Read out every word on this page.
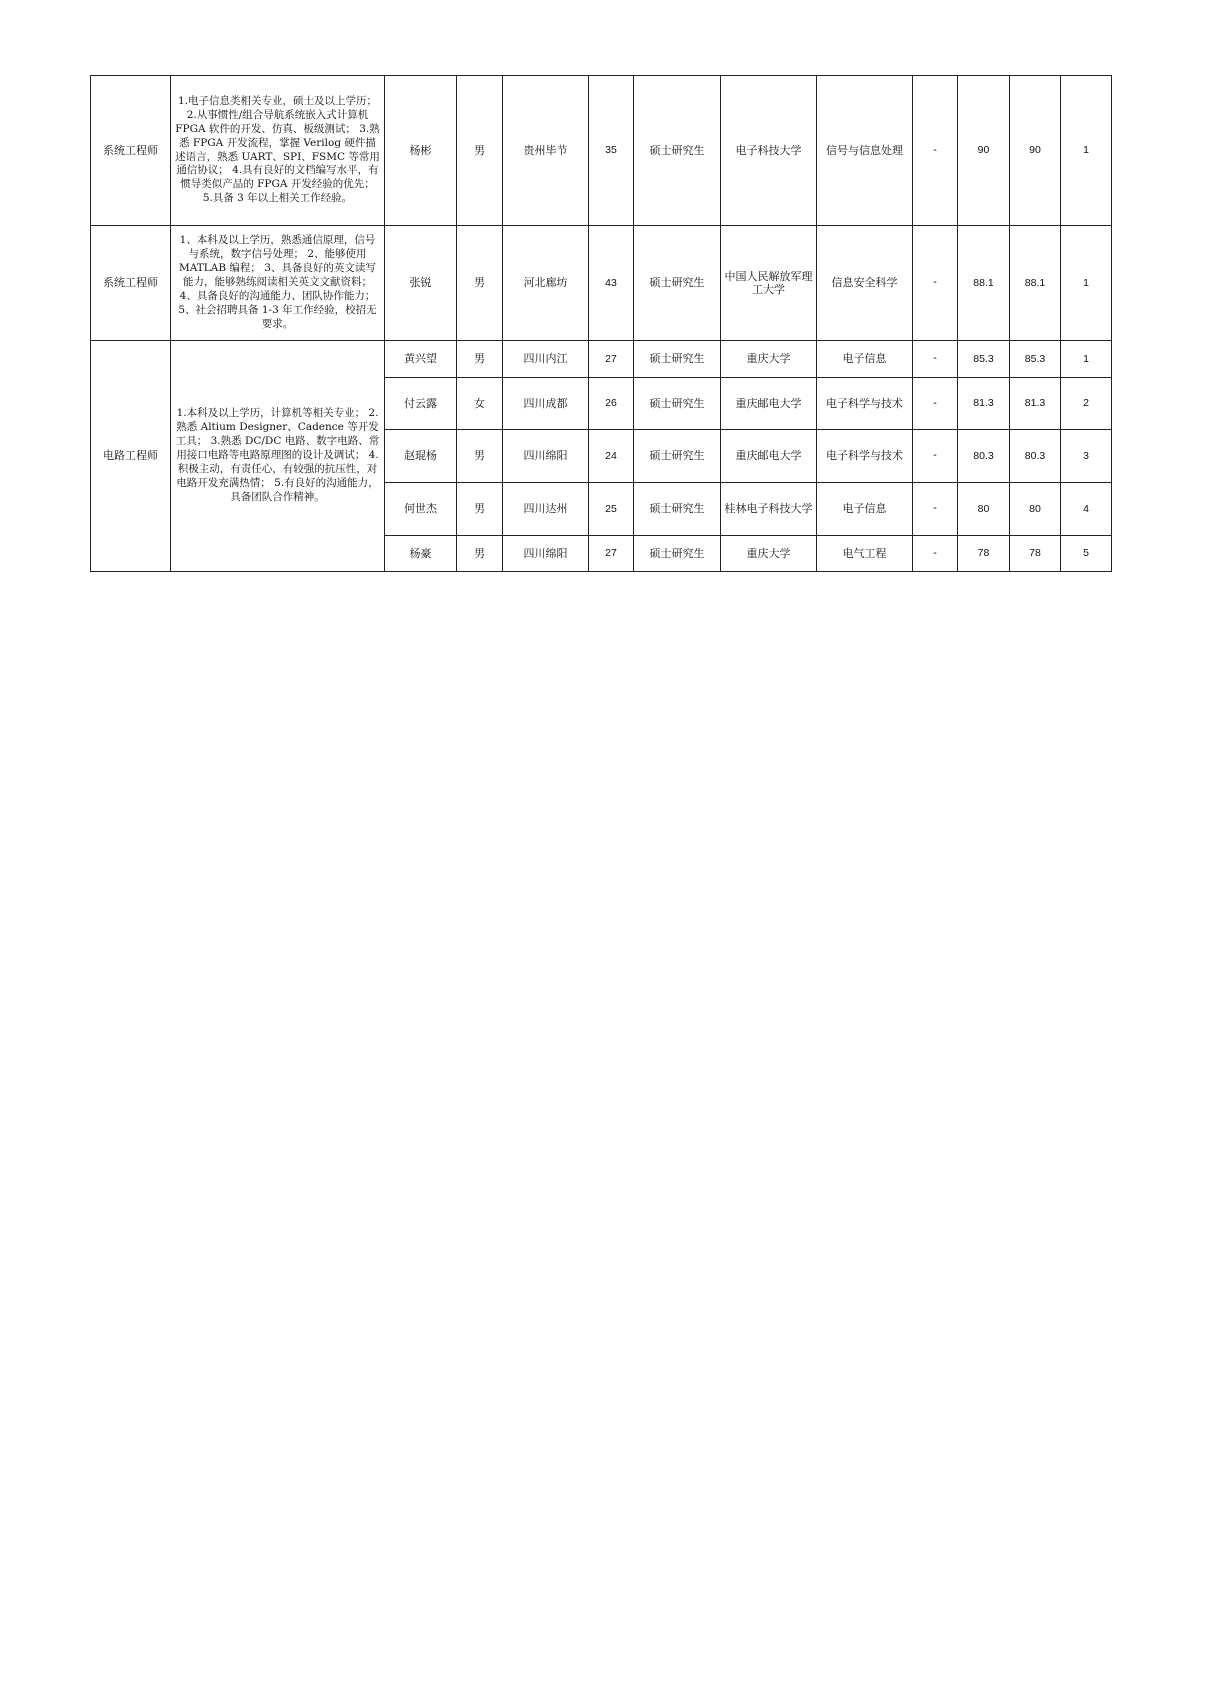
系统工程师	1.电子信息类相关专业，硕士及以上学历； 2.从事惯性/组合导航系统嵌入式计算机 FPGA 软件的开发、仿真、板级测试； 3.熟悉 FPGA 开发流程，掌握 Verilog 硬件描述语言，熟悉 UART、SPI、FSMC 等常用通信协议； 4.具有良好的文档编写水平，有惯导类似产品的 FPGA 开发经验的优先； 5.具备 3 年以上相关工作经验。	杨彬	男	贵州毕节	35	硕士研究生	电子科技大学	信号与信息处理	-	90	90	1
系统工程师	1、本科及以上学历，熟悉通信原理，信号与系统，数字信号处理； 2、能够使用 MATLAB 编程； 3、具备良好的英文读写能力，能够熟练阅读相关英文文献资料； 4、具备良好的沟通能力、团队协作能力； 5、社会招聘具备 1-3 年工作经验，校招无要求。	张锐	男	河北廊坊	43	硕士研究生	中国人民解放军理工大学	信息安全科学	-	88.1	88.1	1
电路工程师	1.本科及以上学历，计算机等相关专业； 2.熟悉 Altium Designer、Cadence 等开发工具； 3.熟悉 DC/DC 电路、数字电路、常用接口电路等电路原理图的设计及调试； 4.积极主动，有责任心，有较强的抗压性，对电路开发充满热情； 5.有良好的沟通能力，具备团队合作精神。	黄兴望	男	四川内江	27	硕士研究生	重庆大学	电子信息	-	85.3	85.3	1
		付云露	女	四川成都	26	硕士研究生	重庆邮电大学	电子科学与技术	-	81.3	81.3	2
		赵琨杨	男	四川绵阳	24	硕士研究生	重庆邮电大学	电子科学与技术	-	80.3	80.3	3
		何世杰	男	四川达州	25	硕士研究生	桂林电子科技大学	电子信息	-	80	80	4
		杨豪	男	四川绵阳	27	硕士研究生	重庆大学	电气工程	-	78	78	5
